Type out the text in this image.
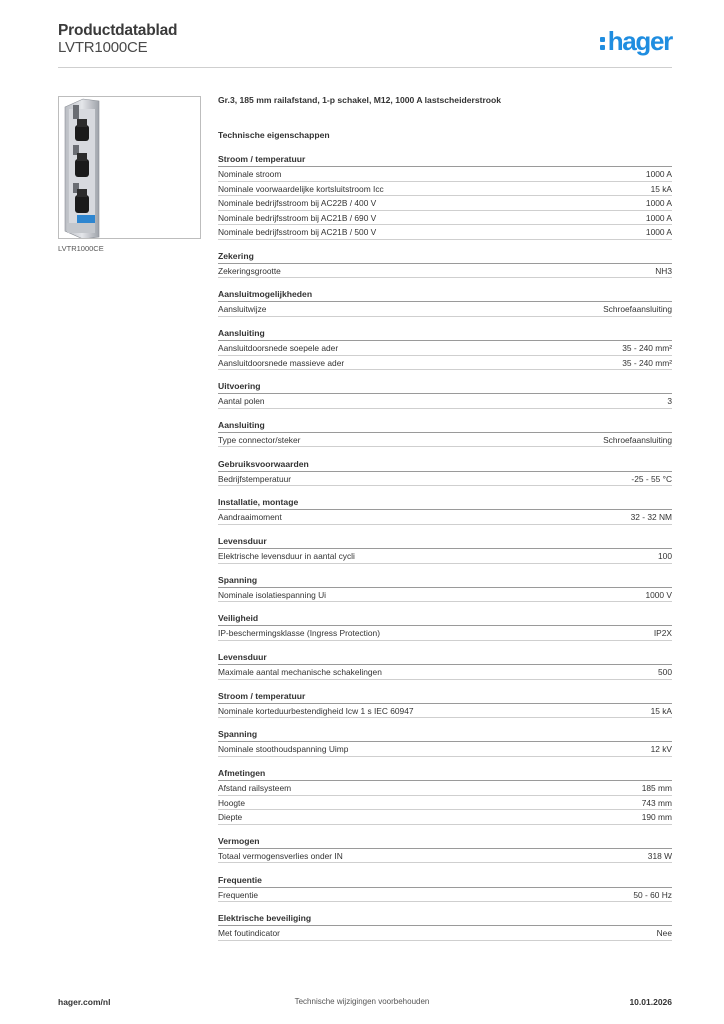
Productdatablad
LVTR1000CE	hager
LVTR1000CE
Gr.3, 185 mm railafstand, 1-p schakel, M12, 1000 A lastscheiderstrook
Technische eigenschappen
Stroom / temperatuur
Nominale stroom	1000 A
Nominale voorwaardelijke kortsluitstroom Icc	15 kA
Nominale bedrijfsstroom bij AC22B / 400 V	1000 A
Nominale bedrijfsstroom bij AC21B / 690 V	1000 A
Nominale bedrijfsstroom bij AC21B / 500 V	1000 A
Zekering
Zekeringsgrootte	NH3
Aansluitmogelijkheden
Aansluitwijze	Schroefaansluiting
Aansluiting
Aansluitdoorsnede soepele ader	35 - 240 mm²
Aansluitdoorsnede massieve ader	35 - 240 mm²
Uitvoering
Aantal polen	3
Aansluiting
Type connector/steker	Schroefaansluiting
Gebruiksvoorwaarden
Bedrijfstemperatuur	-25 - 55 °C
Installatie, montage
Aandraaimoment	32 - 32 NM
Levensduur
Elektrische levensduur in aantal cycli	100
Spanning
Nominale isolatiespanning Ui	1000 V
Veiligheid
IP-beschermingsklasse (Ingress Protection)	IP2X
Levensduur
Maximale aantal mechanische schakelingen	500
Stroom / temperatuur
Nominale korteduurbestendigheid Icw 1 s IEC 60947	15 kA
Spanning
Nominale stoothoudspanning Uimp	12 kV
Afmetingen
Afstand railsysteem	185 mm
Hoogte	743 mm
Diepte	190 mm
Vermogen
Totaal vermogensverlies onder IN	318 W
Frequentie
Frequentie	50 - 60 Hz
Elektrische beveiliging
Met foutindicator	Nee
hager.com/nl	Technische wijzigingen voorbehouden	10.01.2026
